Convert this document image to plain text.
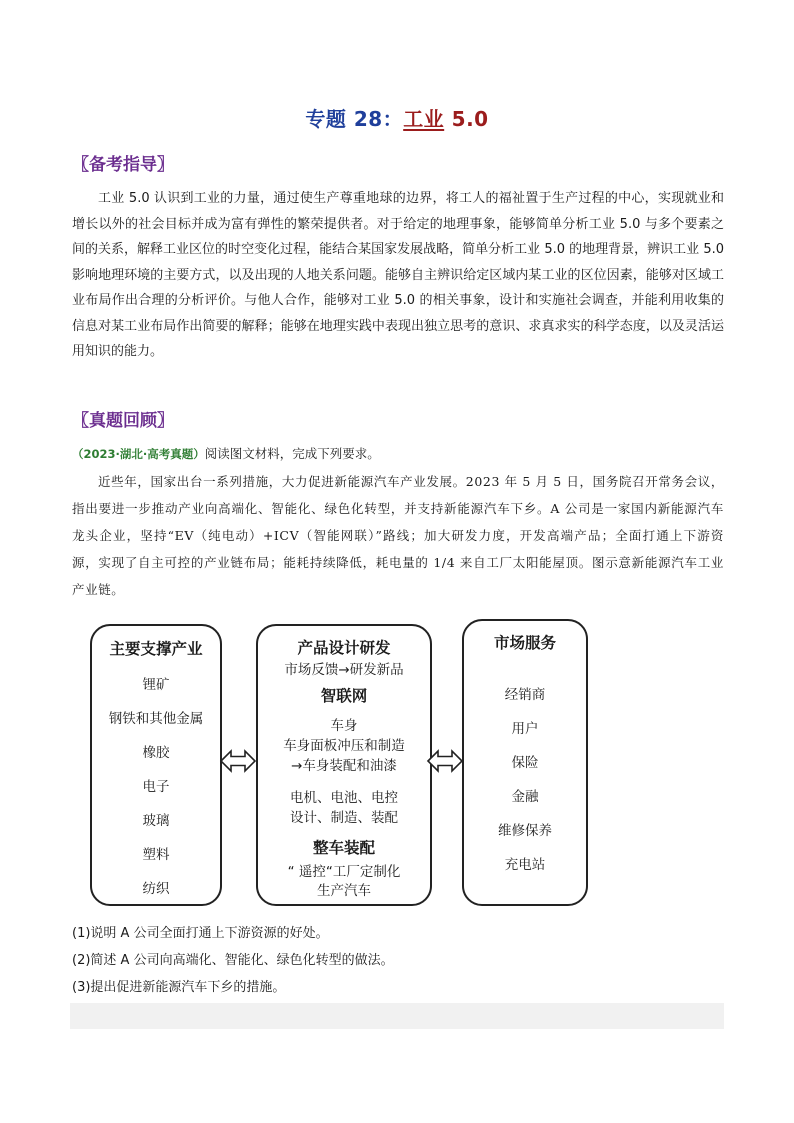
专题 28：工业 5.0
〖备考指导〗

工业 5.0 认识到工业的力量，通过使生产尊重地球的边界，将工人的福祉置于生产过程的中心，实现就业和增长以外的社会目标并成为富有弹性的繁荣提供者。对于给定的地理事象，能够简单分析工业 5.0 与多个要素之间的关系，解释工业区位的时空变化过程，能结合某国家发展战略，简单分析工业 5.0 的地理背景，辨识工业 5.0 影响地理环境的主要方式，以及出现的人地关系问题。能够自主辨识给定区域内某工业的区位因素，能够对区域工业布局作出合理的分析评价。与他人合作，能够对工业 5.0 的相关事象，设计和实施社会调查，并能利用收集的信息对某工业布局作出简要的解释；能够在地理实践中表现出独立思考的意识、求真求实的科学态度，以及灵活运用知识的能力。

〖真题回顾〗
（2023·湖北·高考真题）阅读图文材料，完成下列要求。

近些年，国家出台一系列措施，大力促进新能源汽车产业发展。2023 年 5 月 5 日，国务院召开常务会议，指出要进一步推动产业向高端化、智能化、绿色化转型，并支持新能源汽车下乡。A 公司是一家国内新能源汽车龙头企业，坚持“EV（纯电动）+ICV（智能网联）”路线；加大研发力度，开发高端产品；全面打通上下游资源，实现了自主可控的产业链布局；能耗持续降低，耗电量的 1/4 来自工厂太阳能屋顶。图示意新能源汽车工业产业链。

主要支撑产业
锂矿
钢铁和其他金属
橡胶
电子
玻璃
塑料
纺织
产品设计研发
市场反馈→研发新品
智联网
车身
车身面板冲压和制造
→车身装配和油漆
电机、电池、电控
设计、制造、装配
整车装配
“ 遥控“工厂定制化
生产汽车
市场服务
经销商
用户
保险
金融
维修保养
充电站
(1)说明 A 公司全面打通上下游资源的好处。
(2)简述 A 公司向高端化、智能化、绿色化转型的做法。
(3)提出促进新能源汽车下乡的措施。
